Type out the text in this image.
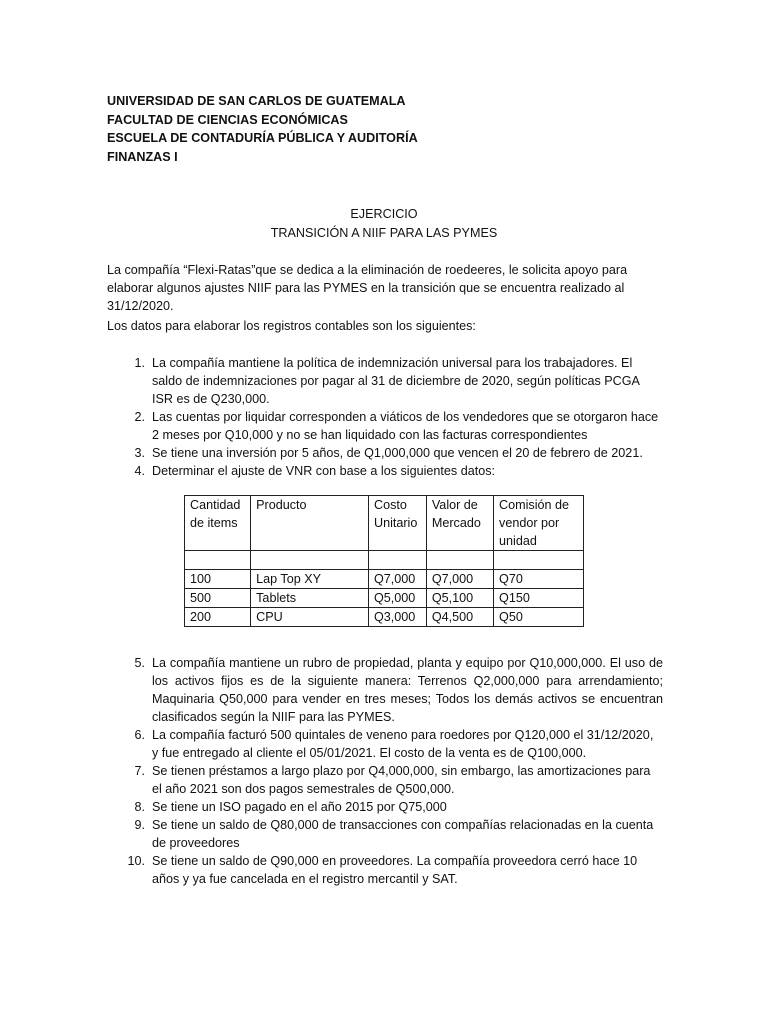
UNIVERSIDAD DE SAN CARLOS DE GUATEMALA
FACULTAD DE CIENCIAS ECONÓMICAS
ESCUELA DE CONTADURÍA PÚBLICA Y AUDITORÍA
FINANZAS I
EJERCICIO
TRANSICIÓN A NIIF PARA LAS PYMES
La compañía “Flexi-Ratas”que se dedica a la eliminación de roedeeres, le solicita apoyo para elaborar algunos ajustes NIIF para las PYMES en la transición que se encuentra realizado al 31/12/2020.
Los datos para elaborar los registros contables son los siguientes:
1. La compañía mantiene la política de indemnización universal para los trabajadores. El saldo de indemnizaciones por pagar al 31 de diciembre de 2020, según políticas PCGA ISR es de Q230,000.
2. Las cuentas por liquidar corresponden a viáticos de los vendedores que se otorgaron hace 2 meses por Q10,000 y no se han liquidado con las facturas correspondientes
3. Se tiene una inversión por 5 años, de Q1,000,000 que vencen el 20 de febrero de 2021.
4. Determinar el ajuste de VNR con base a los siguientes datos:
Cantidad de items	Producto	Costo Unitario	Valor de Mercado	Comisión de vendor por unidad

100	Lap Top XY	Q7,000	Q7,000	Q70
500	Tablets	Q5,000	Q5,100	Q150
200	CPU	Q3,000	Q4,500	Q50
5. La compañía mantiene un rubro de propiedad, planta y equipo por Q10,000,000. El uso de los activos fijos es de la siguiente manera: Terrenos Q2,000,000 para arrendamiento; Maquinaria Q50,000 para vender en tres meses; Todos los demás activos se encuentran clasificados según la NIIF para las PYMES.
6. La compañía facturó 500 quintales de veneno para roedores por Q120,000 el 31/12/2020, y fue entregado al cliente el 05/01/2021. El costo de la venta es de Q100,000.
7. Se tienen préstamos a largo plazo por Q4,000,000, sin embargo, las amortizaciones para el año 2021 son dos pagos semestrales de Q500,000.
8. Se tiene un ISO pagado en el año 2015 por Q75,000
9. Se tiene un saldo de Q80,000 de transacciones con compañías relacionadas en la cuenta de proveedores
10. Se tiene un saldo de Q90,000 en proveedores. La compañía proveedora cerró hace 10 años y ya fue cancelada en el registro mercantil y SAT.
